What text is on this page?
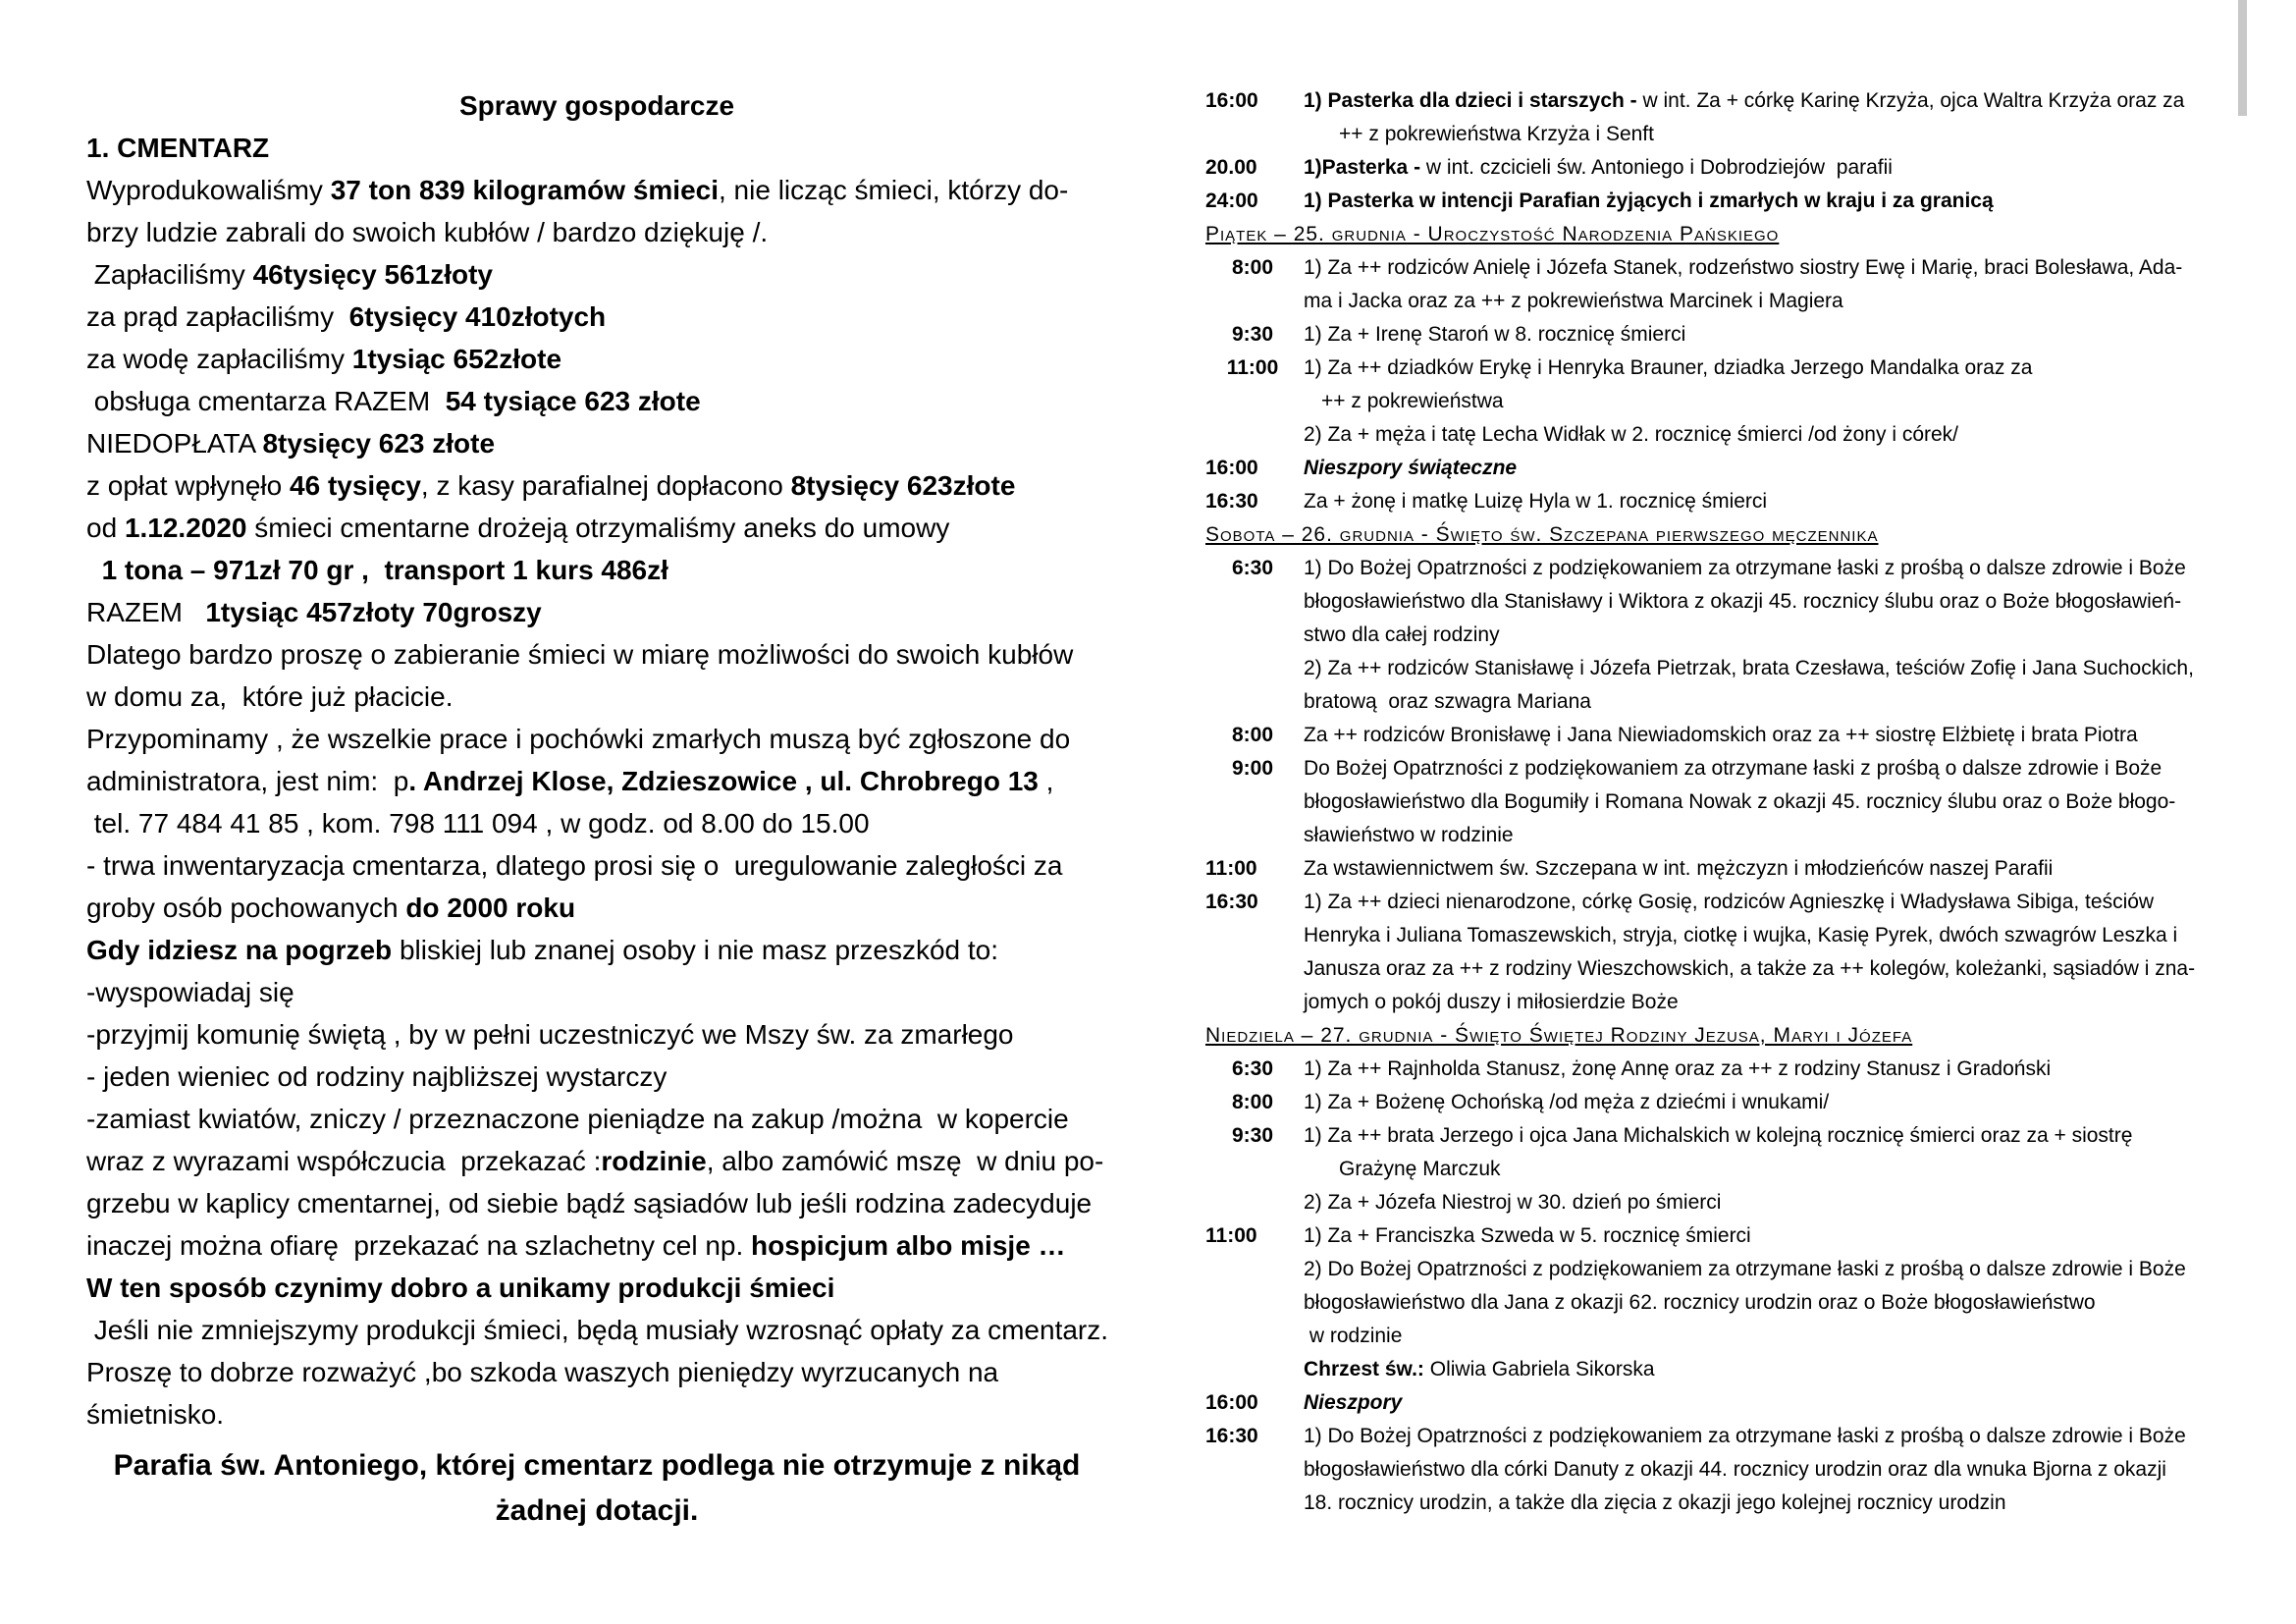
Sprawy gospodarcze

1. CMENTARZ

Wyprodukowaliśmy 37 ton 839 kilogramów śmieci, nie licząc śmieci, którzy do-

brzy ludzie zabrali do swoich kubłów / bardzo dziękuję /.

Zapłaciliśmy 46tysięcy 561złoty

za prąd zapłaciliśmy  6tysięcy 410złotych

za wodę zapłaciliśmy 1tysiąc 652złote

obsługa cmentarza RAZEM  54 tysiące 623 złote

NIEDOPŁATA 8tysięcy 623 złote

z opłat wpłynęło 46 tysięcy, z kasy parafialnej dopłacono 8tysięcy 623złote

od 1.12.2020 śmieci cmentarne drożeją otrzymaliśmy aneks do umowy

1 tona – 971zł 70 gr ,  transport 1 kurs 486zł

RAZEM   1tysiąc 457złoty 70groszy

Dlatego bardzo proszę o zabieranie śmieci w miarę możliwości do swoich kubłów

w domu za,  które już płacicie.

Przypominamy , że wszelkie prace i pochówki zmarłych muszą być zgłoszone do

administratora, jest nim:  p. Andrzej Klose, Zdzieszowice , ul. Chrobrego 13 ,

tel. 77 484 41 85 , kom. 798 111 094 , w godz. od 8.00 do 15.00

- trwa inwentaryzacja cmentarza, dlatego prosi się o  uregulowanie zaległości za

groby osób pochowanych do 2000 roku

Gdy idziesz na pogrzeb bliskiej lub znanej osoby i nie masz przeszkód to:

-wyspowiadaj się

-przyjmij komunię świętą , by w pełni uczestniczyć we Mszy św. za zmarłego

- jeden wieniec od rodziny najbliższej wystarczy

-zamiast kwiatów, zniczy / przeznaczone pieniądze na zakup /można  w kopercie

wraz z wyrazami współczucia  przekazać :rodzinie, albo zamówić mszę  w dniu po-

grzebu w kaplicy cmentarnej, od siebie bądź sąsiadów lub jeśli rodzina zadecyduje

inaczej można ofiarę  przekazać na szlachetny cel np. hospicjum albo misje …

W ten sposób czynimy dobro a unikamy produkcji śmieci

Jeśli nie zmniejszymy produkcji śmieci, będą musiały wzrosnąć opłaty za cmentarz.

Proszę to dobrze rozważyć ,bo szkoda waszych pieniędzy wyrzucanych na

śmietnisko.

Parafia św. Antoniego, której cmentarz podlega nie otrzymuje z nikąd
żadnej dotacji.

16:00	1) Pasterka dla dzieci i starszych - w int. Za + córkę Karinę Krzyża, ojca Waltra Krzyża oraz za
++ z pokrewieństwa Krzyża i Senft
20.00	1)Pasterka - w int. czcicieli św. Antoniego i Dobrodziejów  parafii
24:00	1) Pasterka w intencji Parafian żyjących i zmarłych w kraju i za granicą
Piątek – 25. grudnia - Uroczystość Narodzenia Pańskiego
8:00	1) Za ++ rodziców Anielę i Józefa Stanek, rodzeństwo siostry Ewę i Marię, braci Bolesława, Ada-
ma i Jacka oraz za ++ z pokrewieństwa Marcinek i Magiera
9:30	1) Za + Irenę Staroń w 8. rocznicę śmierci
11:00	1) Za ++ dziadków Erykę i Henryka Brauner, dziadka Jerzego Mandalka oraz za
++ z pokrewieństwa
2) Za + męża i tatę Lecha Widłak w 2. rocznicę śmierci /od żony i córek/
16:00	Nieszpory świąteczne
16:30	Za + żonę i matkę Luizę Hyla w 1. rocznicę śmierci
Sobota – 26. grudnia - Święto św. Szczepana pierwszego męczennika
6:30	1) Do Bożej Opatrzności z podziękowaniem za otrzymane łaski z prośbą o dalsze zdrowie i Boże
błogosławieństwo dla Stanisławy i Wiktora z okazji 45. rocznicy ślubu oraz o Boże błogosławień-
stwo dla całej rodziny
2) Za ++ rodziców Stanisławę i Józefa Pietrzak, brata Czesława, teściów Zofię i Jana Suchockich,
bratową  oraz szwagra Mariana
8:00	Za ++ rodziców Bronisławę i Jana Niewiadomskich oraz za ++ siostrę Elżbietę i brata Piotra
9:00	Do Bożej Opatrzności z podziękowaniem za otrzymane łaski z prośbą o dalsze zdrowie i Boże
błogosławieństwo dla Bogumiły i Romana Nowak z okazji 45. rocznicy ślubu oraz o Boże błogo-
sławieństwo w rodzinie
11:00	Za wstawiennictwem św. Szczepana w int. mężczyzn i młodzieńców naszej Parafii
16:30	1) Za ++ dzieci nienarodzone, córkę Gosię, rodziców Agnieszkę i Władysława Sibiga, teściów
Henryka i Juliana Tomaszewskich, stryja, ciotkę i wujka, Kasię Pyrek, dwóch szwagrów Leszka i
Janusza oraz za ++ z rodziny Wieszchowskich, a także za ++ kolegów, koleżanki, sąsiadów i zna-
jomych o pokój duszy i miłosierdzie Boże
Niedziela – 27. grudnia - Święto Świętej Rodziny Jezusa, Maryi i Józefa
6:30	1) Za ++ Rajnholda Stanusz, żonę Annę oraz za ++ z rodziny Stanusz i Gradoński
8:00	1) Za + Bożenę Ochońską /od męża z dziećmi i wnukami/
9:30	1) Za ++ brata Jerzego i ojca Jana Michalskich w kolejną rocznicę śmierci oraz za + siostrę
Grażynę Marczuk
2) Za + Józefa Niestroj w 30. dzień po śmierci
11:00	1) Za + Franciszka Szweda w 5. rocznicę śmierci
2) Do Bożej Opatrzności z podziękowaniem za otrzymane łaski z prośbą o dalsze zdrowie i Boże
błogosławieństwo dla Jana z okazji 62. rocznicy urodzin oraz o Boże błogosławieństwo
w rodzinie
Chrzest św.: Oliwia Gabriela Sikorska
16:00	Nieszpory
16:30	1) Do Bożej Opatrzności z podziękowaniem za otrzymane łaski z prośbą o dalsze zdrowie i Boże
błogosławieństwo dla córki Danuty z okazji 44. rocznicy urodzin oraz dla wnuka Bjorna z okazji
18. rocznicy urodzin, a także dla zięcia z okazji jego kolejnej rocznicy urodzin
